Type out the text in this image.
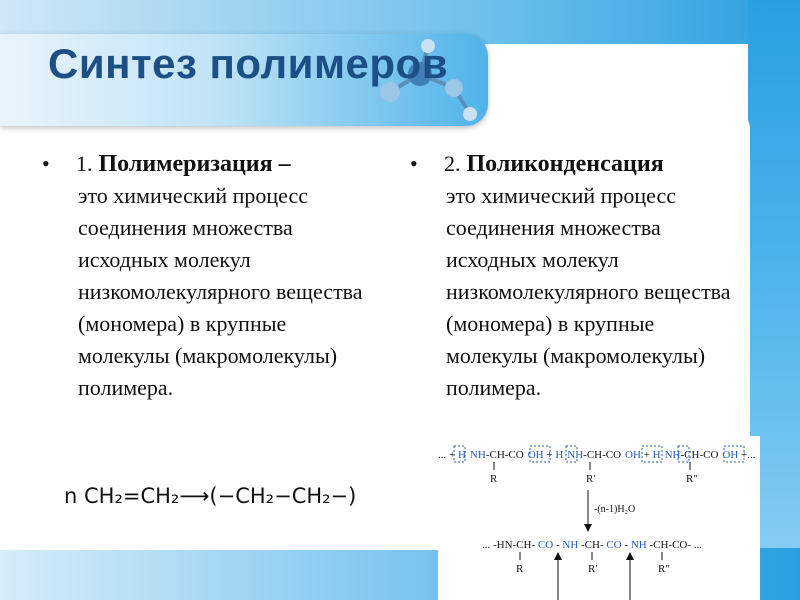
Синтез полимеров
•	1. Полимеризация –

это химический процесс соединения множества исходных молекул низкомолекулярного вещества (мономера) в крупные молекулы (макромолекулы) полимера.

n CH₂=CH₂⟶(−CH₂−CH₂−)
•	2. Поликонденсация

это химический процесс соединения множества исходных молекул низкомолекулярного вещества (мономера) в крупные молекулы (макромолекулы) полимера.

... + H NH-CH-CO OH + H NH-CH-CO OH + H NH-CH-CO OH +...
R	R′	R″
-(n-1)H₂O
... -HN-CH- CO - NH -CH- CO - NH -CH-CO- ...
R	R′	R″
